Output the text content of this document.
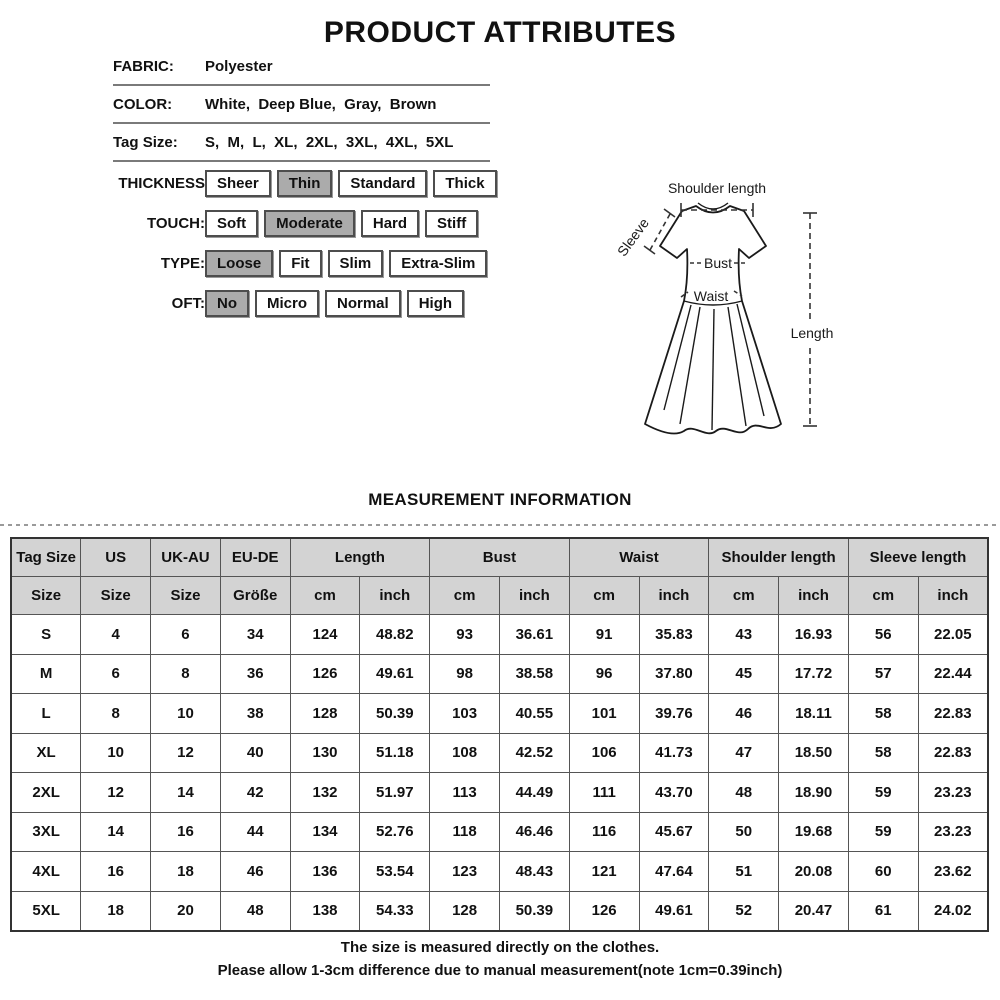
PRODUCT ATTRIBUTES
FABRIC:	Polyester
COLOR:	White,  Deep Blue,  Gray,  Brown
Tag Size:	S,  M,  L,  XL,  2XL,  3XL,  4XL,  5XL
THICKNESS Sheer	Thin	Standard	Thick
TOUCH: Soft	Moderate	Hard	Stiff
TYPE: Loose	Fit	Slim	Extra-Slim
OFT: No	Micro	Normal	High
Shoulder length
Sleeve
Bust
Waist
Length
MEASUREMENT INFORMATION
Tag Size	US	UK-AU	EU-DE	Length		Bust		Waist		Shoulder length		Sleeve length	
Size	Size	Size	Größe	cm	inch	cm	inch	cm	inch	cm	inch	cm	inch
S	4	6	34	124	48.82	93	36.61	91	35.83	43	16.93	56	22.05
M	6	8	36	126	49.61	98	38.58	96	37.80	45	17.72	57	22.44
L	8	10	38	128	50.39	103	40.55	101	39.76	46	18.11	58	22.83
XL	10	12	40	130	51.18	108	42.52	106	41.73	47	18.50	58	22.83
2XL	12	14	42	132	51.97	113	44.49	111	43.70	48	18.90	59	23.23
3XL	14	16	44	134	52.76	118	46.46	116	45.67	50	19.68	59	23.23
4XL	16	18	46	136	53.54	123	48.43	121	47.64	51	20.08	60	23.62
5XL	18	20	48	138	54.33	128	50.39	126	49.61	52	20.47	61	24.02
The size is measured directly on the clothes.
Please allow 1-3cm difference due to manual measurement(note 1cm=0.39inch)
